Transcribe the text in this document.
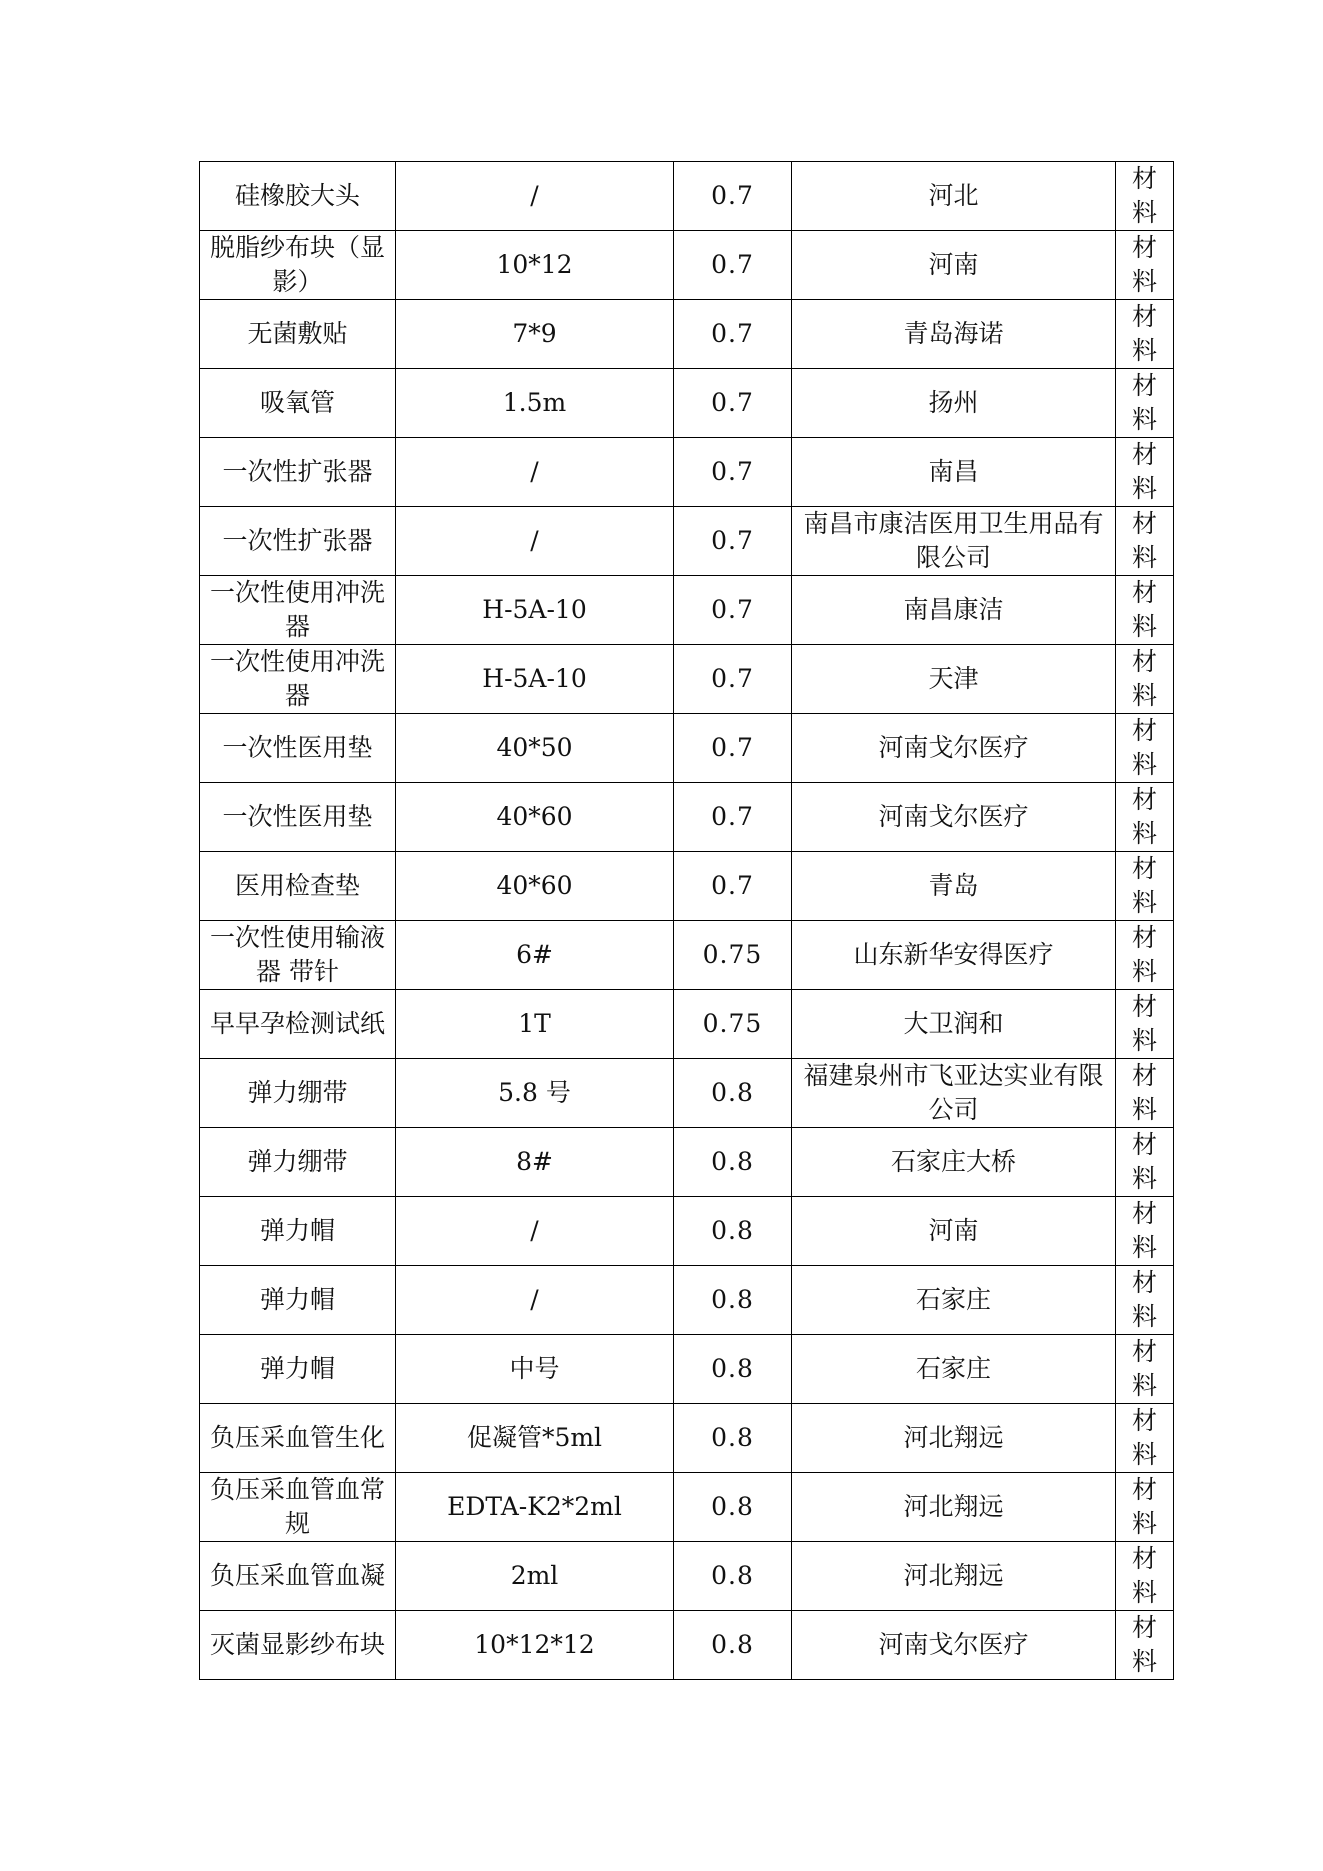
硅橡胶大头	/	0.7	河北	材料
脱脂纱布块（显影）	10*12	0.7	河南	材料
无菌敷贴	7*9	0.7	青岛海诺	材料
吸氧管	1.5m	0.7	扬州	材料
一次性扩张器	/	0.7	南昌	材料
一次性扩张器	/	0.7	南昌市康洁医用卫生用品有限公司	材料
一次性使用冲洗器	H-5A-10	0.7	南昌康洁	材料
一次性使用冲洗器	H-5A-10	0.7	天津	材料
一次性医用垫	40*50	0.7	河南戈尔医疗	材料
一次性医用垫	40*60	0.7	河南戈尔医疗	材料
医用检查垫	40*60	0.7	青岛	材料
一次性使用输液器 带针	6#	0.75	山东新华安得医疗	材料
早早孕检测试纸	1T	0.75	大卫润和	材料
弹力绷带	5.8 号	0.8	福建泉州市飞亚达实业有限公司	材料
弹力绷带	8#	0.8	石家庄大桥	材料
弹力帽	/	0.8	河南	材料
弹力帽	/	0.8	石家庄	材料
弹力帽	中号	0.8	石家庄	材料
负压采血管生化	促凝管*5ml	0.8	河北翔远	材料
负压采血管血常规	EDTA-K2*2ml	0.8	河北翔远	材料
负压采血管血凝	2ml	0.8	河北翔远	材料
灭菌显影纱布块	10*12*12	0.8	河南戈尔医疗	材料
